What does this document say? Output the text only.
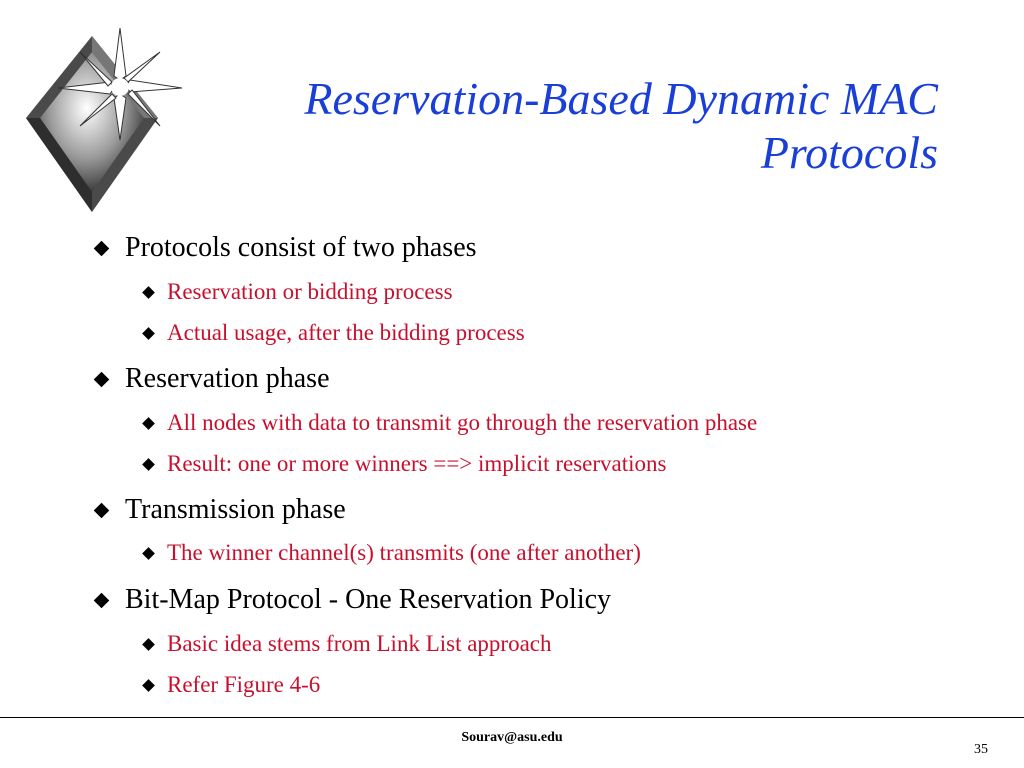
Reservation-Based Dynamic MAC
Protocols
Protocols consist of two phases
Reservation or bidding process
Actual usage, after the bidding process
Reservation phase
All nodes with data to transmit go through the reservation phase
Result: one or more winners ==> implicit reservations
Transmission phase
The winner channel(s) transmits (one after another)
Bit-Map Protocol - One Reservation Policy
Basic idea stems from Link List approach
Refer Figure 4-6
Sourav@asu.edu
35
